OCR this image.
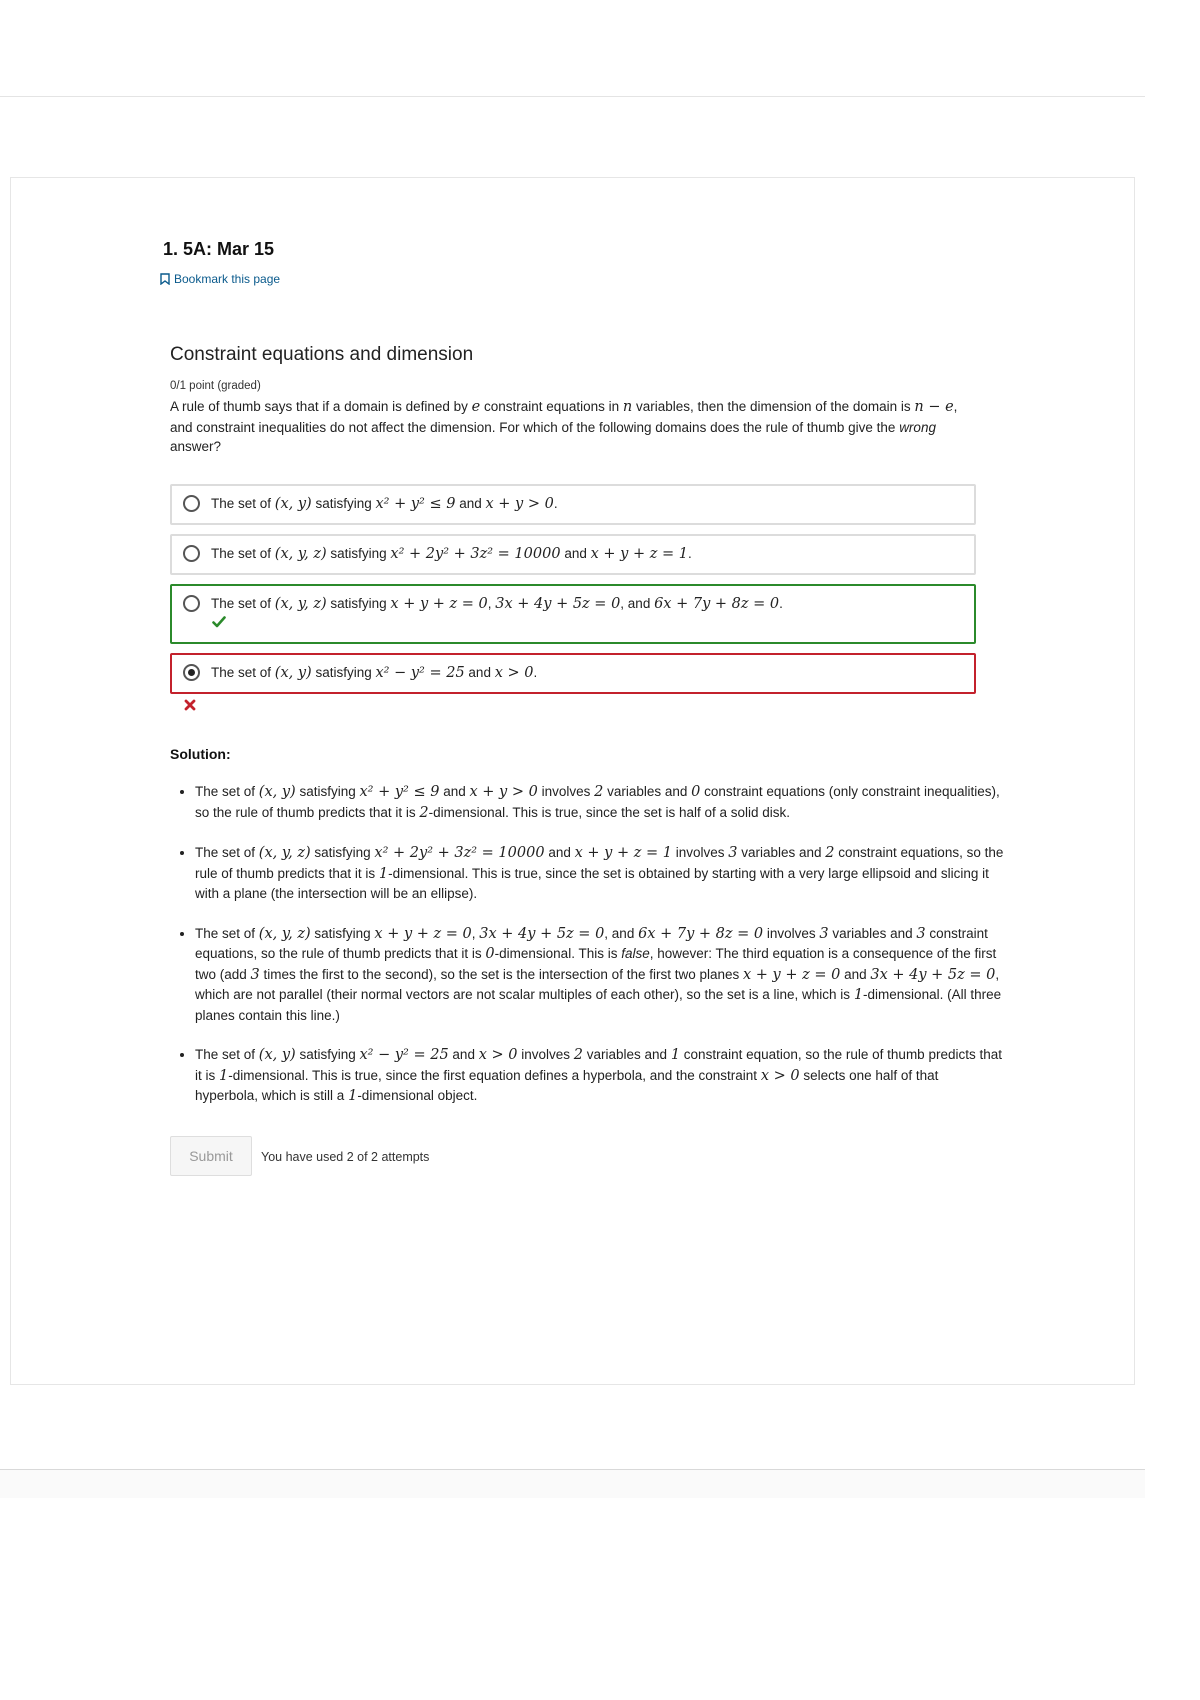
1. 5A: Mar 15
Bookmark this page
Constraint equations and dimension
0/1 point (graded)

A rule of thumb says that if a domain is defined by e constraint equations in n variables, then the dimension of the domain is n − e, and constraint inequalities do not affect the dimension. For which of the following domains does the rule of thumb give the wrong answer?

The set of (x, y) satisfying x² + y² ≤ 9 and x + y > 0.
The set of (x, y, z) satisfying x² + 2y² + 3z² = 10000 and x + y + z = 1.
The set of (x, y, z) satisfying x + y + z = 0, 3x + 4y + 5z = 0, and 6x + 7y + 8z = 0.
The set of (x, y) satisfying x² − y² = 25 and x > 0.
Solution:
• The set of (x, y) satisfying x² + y² ≤ 9 and x + y > 0 involves 2 variables and 0 constraint equations (only constraint inequalities), so the rule of thumb predicts that it is 2-dimensional. This is true, since the set is half of a solid disk.
• The set of (x, y, z) satisfying x² + 2y² + 3z² = 10000 and x + y + z = 1 involves 3 variables and 2 constraint equations, so the rule of thumb predicts that it is 1-dimensional. This is true, since the set is obtained by starting with a very large ellipsoid and slicing it with a plane (the intersection will be an ellipse).
• The set of (x, y, z) satisfying x + y + z = 0, 3x + 4y + 5z = 0, and 6x + 7y + 8z = 0 involves 3 variables and 3 constraint equations, so the rule of thumb predicts that it is 0-dimensional. This is false, however: The third equation is a consequence of the first two (add 3 times the first to the second), so the set is the intersection of the first two planes x + y + z = 0 and 3x + 4y + 5z = 0, which are not parallel (their normal vectors are not scalar multiples of each other), so the set is a line, which is 1-dimensional. (All three planes contain this line.)
• The set of (x, y) satisfying x² − y² = 25 and x > 0 involves 2 variables and 1 constraint equation, so the rule of thumb predicts that it is 1-dimensional. This is true, since the first equation defines a hyperbola, and the constraint x > 0 selects one half of that hyperbola, which is still a 1-dimensional object.
Submit	You have used 2 of 2 attempts
